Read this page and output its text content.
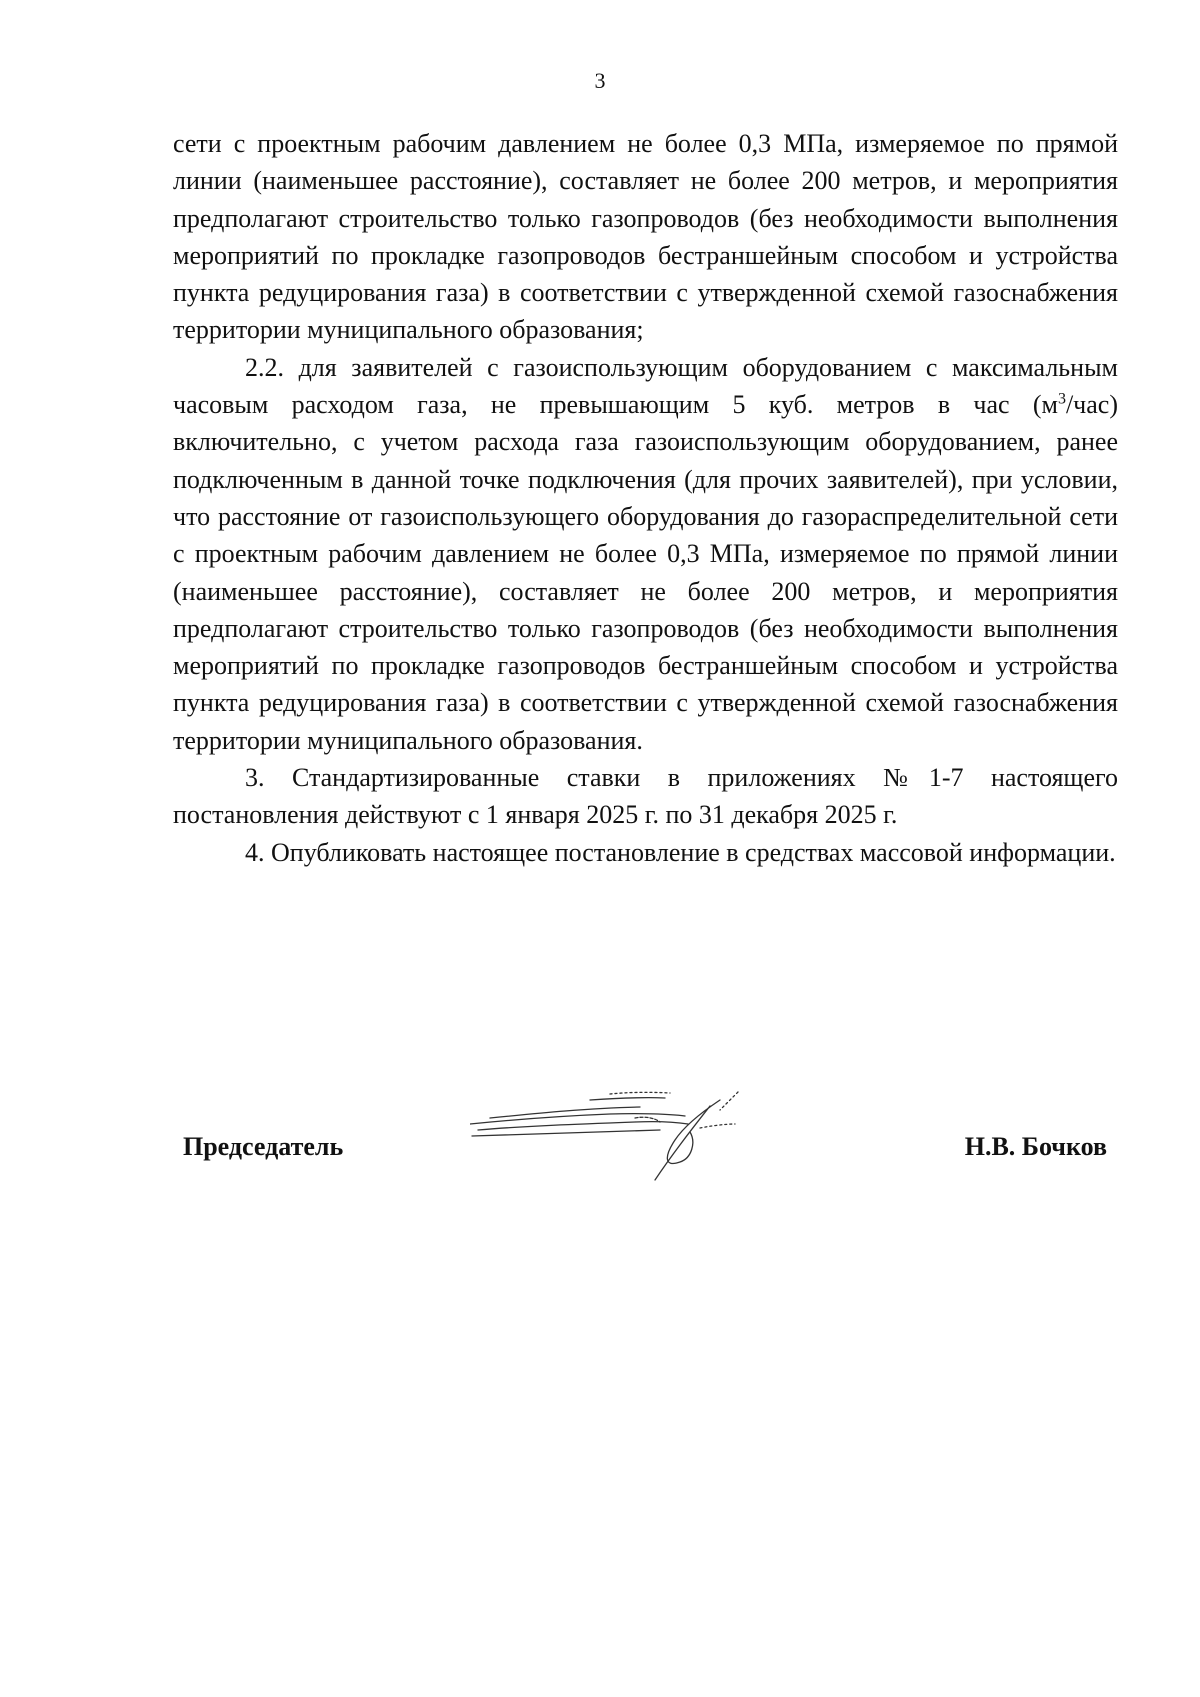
3

сети с проектным рабочим давлением не более 0,3 МПа, измеряемое по прямой линии (наименьшее расстояние), составляет не более 200 метров, и мероприятия предполагают строительство только газопроводов (без необходимости выполнения мероприятий по прокладке газопроводов бестраншейным способом и устройства пункта редуцирования газа) в соответствии с утвержденной схемой газоснабжения территории муниципального образования;

2.2. для заявителей с газоиспользующим оборудованием с максимальным часовым расходом газа, не превышающим 5 куб. метров в час $(м^3/час)$ включительно, с учетом расхода газа газоиспользующим оборудованием, ранее подключенным в данной точке подключения (для прочих заявителей), при условии, что расстояние от газоиспользующего оборудования до газораспределительной сети с проектным рабочим давлением не более 0,3 МПа, измеряемое по прямой линии (наименьшее расстояние), составляет не более 200 метров, и мероприятия предполагают строительство только газопроводов (без необходимости выполнения мероприятий по прокладке газопроводов бестраншейным способом и устройства пункта редуцирования газа) в соответствии с утвержденной схемой газоснабжения территории муниципального образования.

3. Стандартизированные ставки в приложениях №1-7 настоящего постановления действуют с 1 января 2025 г. по 31 декабря 2025 г.

4. Опубликовать настоящее постановление в средствах массовой информации.

Председатель	Н.В. Бочков
